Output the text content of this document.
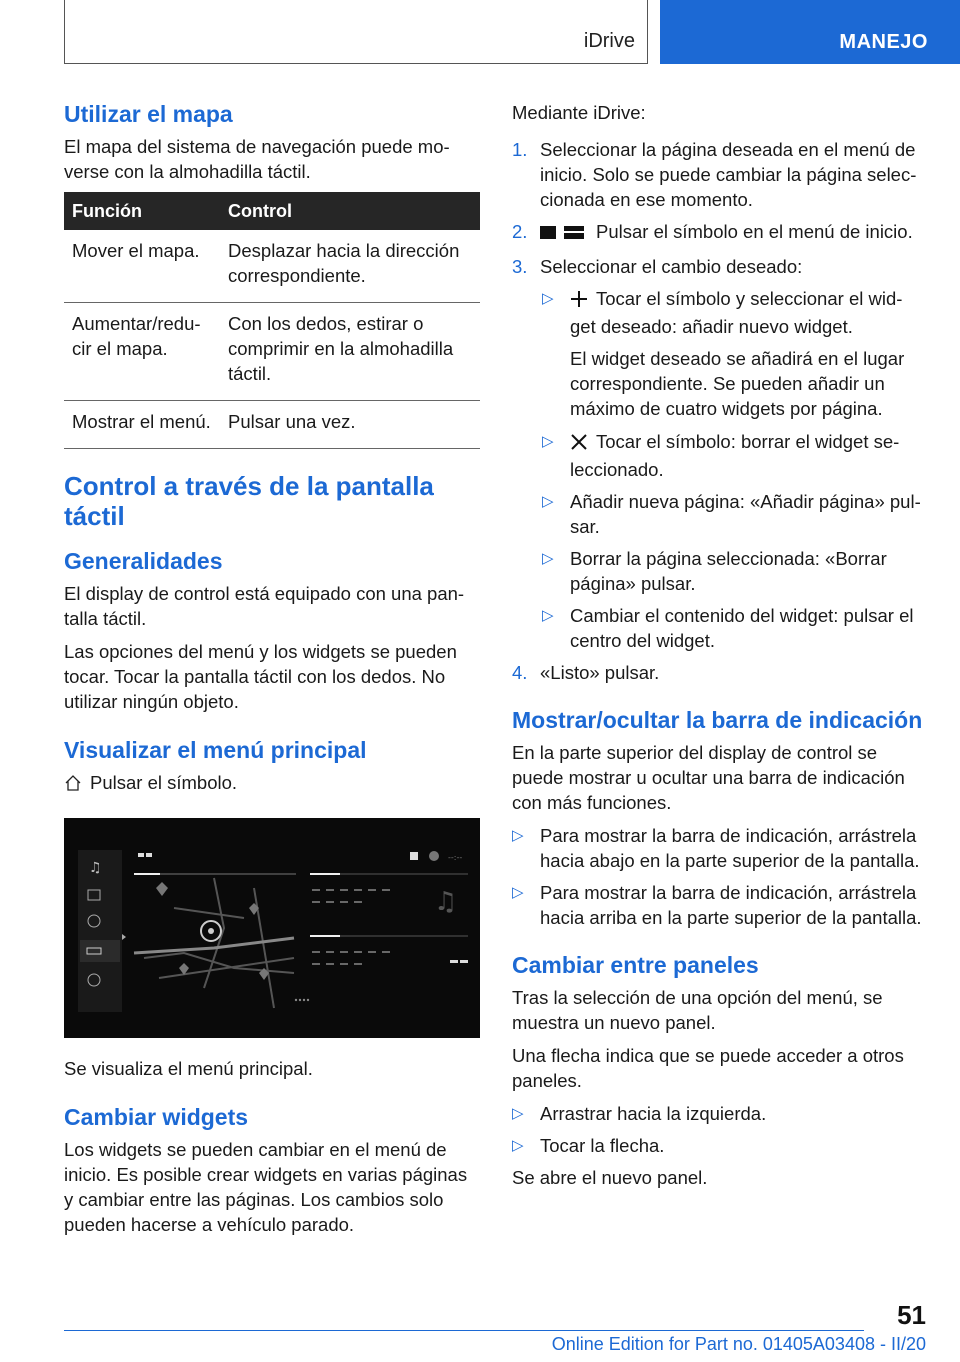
iDrive	MANEJO
Utilizar el mapa

El mapa del sistema de navegación puede mo-verse con la almohadilla táctil.

Función	Control
Mover el mapa.	Desplazar hacia la dirección correspondiente.
Aumentar/redu-cir el mapa.	Con los dedos, estirar o comprimir en la almohadilla táctil.
Mostrar el menú.	Pulsar una vez.
Control a través de la pantalla táctil
Generalidades

El display de control está equipado con una pan-talla táctil.

Las opciones del menú y los widgets se pueden tocar. Tocar la pantalla táctil con los dedos. No utilizar ningún objeto.

Visualizar el menú principal

Pulsar el símbolo.

♫
--:--
♫

Se visualiza el menú principal.

Cambiar widgets

Los widgets se pueden cambiar en el menú de inicio. Es posible crear widgets en varias páginas y cambiar entre las páginas. Los cambios solo pueden hacerse a vehículo parado.

Mediante iDrive:

1. Seleccionar la página deseada en el menú de inicio. Solo se puede cambiar la página selec-cionada en ese momento.
2.	Pulsar el símbolo en el menú de inicio.
3. Seleccionar el cambio deseado:
▷	Tocar el símbolo y seleccionar el wid-get deseado: añadir nuevo widget.
El widget deseado se añadirá en el lugar correspondiente. Se pueden añadir un máximo de cuatro widgets por página.
▷	Tocar el símbolo: borrar el widget se-leccionado.
▷ Añadir nueva página: «Añadir página» pul-sar.
▷ Borrar la página seleccionada: «Borrar página» pulsar.
▷ Cambiar el contenido del widget: pulsar el centro del widget.
4. «Listo» pulsar.
Mostrar/ocultar la barra de indicación

En la parte superior del display de control se puede mostrar u ocultar una barra de indicación con más funciones.

▷ Para mostrar la barra de indicación, arrástrela hacia abajo en la parte superior de la pantalla.
▷ Para mostrar la barra de indicación, arrástrela hacia arriba en la parte superior de la pantalla.
Cambiar entre paneles

Tras la selección de una opción del menú, se muestra un nuevo panel.

Una flecha indica que se puede acceder a otros paneles.

▷ Arrastrar hacia la izquierda.
▷ Tocar la flecha.

Se abre el nuevo panel.

51
Online Edition for Part no. 01405A03408 - II/20
